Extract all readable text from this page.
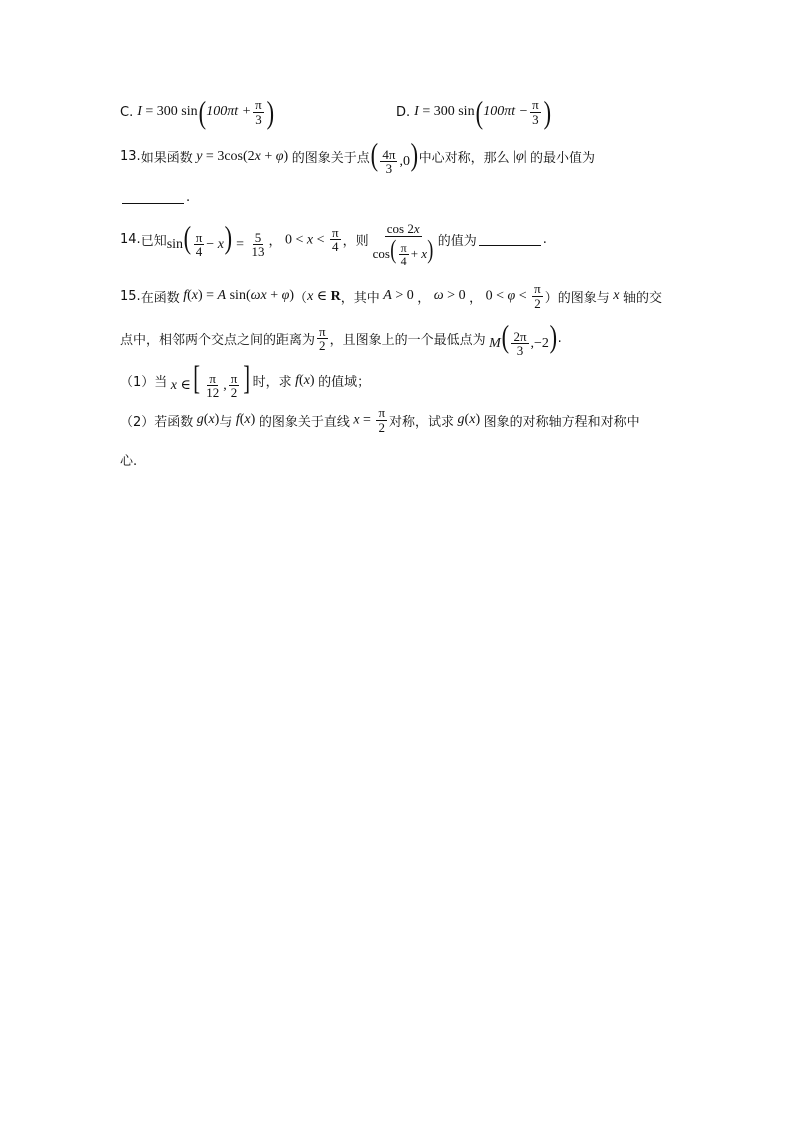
C. I = 300 sin ( $100\pi t + \frac{\pi}{3}$ )	D. I = 300 sin ( $100\pi t - \frac{\pi}{3}$ )
13. 如果函数 y = 3cos(2x + φ) 的图象关于点 ( $\frac{4\pi}{3} ,0$) 中心对称，那么 |φ| 的最小值为
.
14. 已知 $\sin( \frac{\pi}{4} - x) = \frac{5}{13}$ ， $0 < x < \frac{\pi}{4}$ ，则 $\frac{\cos 2x}{\cos( \frac{\pi}{4} + x)}$ 的值为	.
15. 在函数 f(x) = A sin(ωx + φ) （ x ∈ R ，其中 A > 0 ， ω > 0 ， $0 < \varphi < \frac{\pi}{2}$ ）的图象与 x 轴的交
点中，相邻两个交点之间的距离为 $\frac{\pi}{2}$ ，且图象上的一个最低点为 $M( \frac{2\pi}{3} ,-2)$ .
（1）当 x ∈[ $\frac{\pi}{12}$ , $\frac{\pi}{2}$ ] 时，求 f(x) 的值域；
（2）若函数 g(x) 与 f(x) 的图象关于直线 $x = \frac{\pi}{2}$ 对称，试求 g(x) 图象的对称轴方程和对称中
心.
